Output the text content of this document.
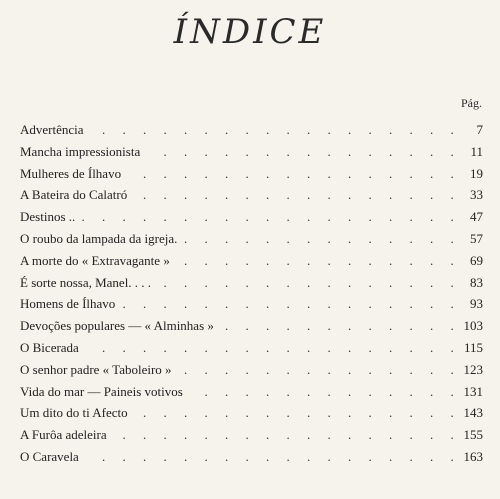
ÍNDICE
Pág.
. . .
Advertência	7
. . .
Mancha impressionista	11
. . .
Mulheres de Ílhavo	19
. . .
A Bateira do Calatró	33
. . .
Destinos ..	47
. . .
O roubo da lampada da igreja.	57
. . .
A morte do « Extravagante »	69
. . .
É sorte nossa, Manel. . . .	83
. . .
Homens de Ílhavo	93
. . .
Devoções populares — « Alminhas »	103
. . .
O Bicerada	115
. . .
O senhor padre « Taboleiro »	123
. . .
Vida do mar — Paineis votivos	131
. . .
Um dito do ti Afecto	143
. . .
A Furôa adeleira	155
. . .
O Caravela	163
